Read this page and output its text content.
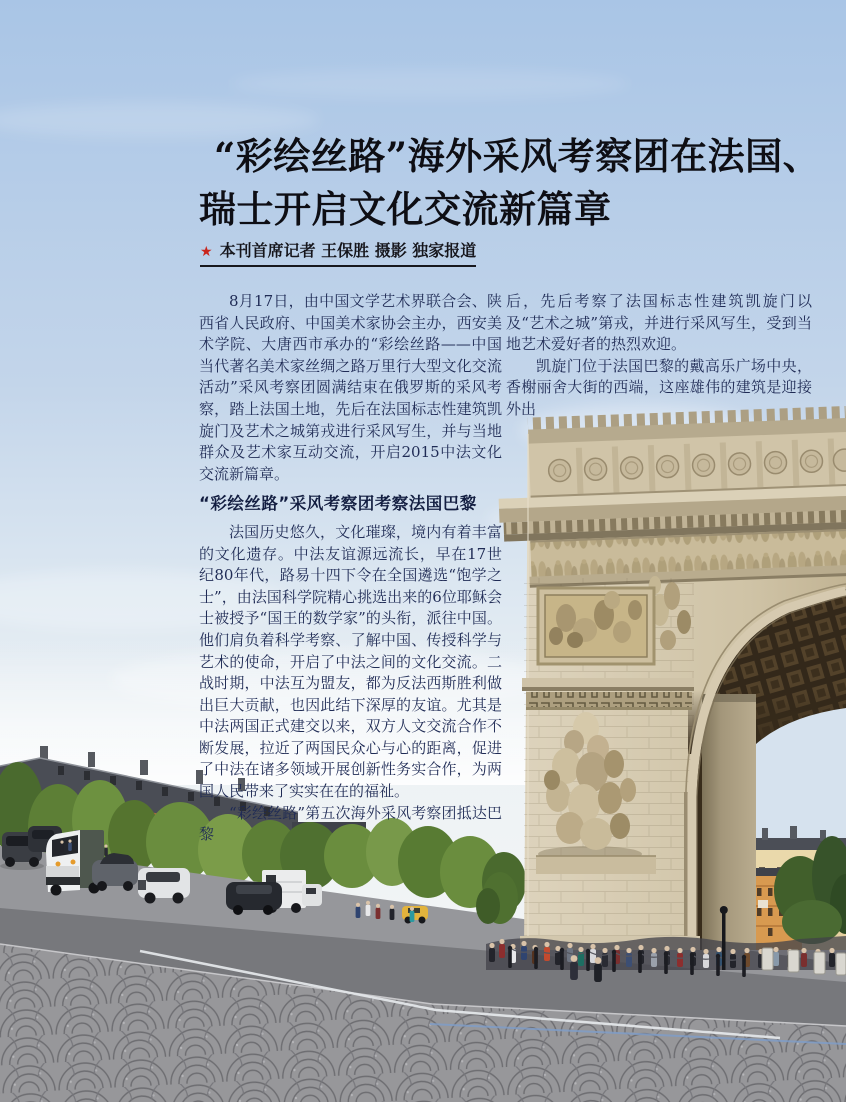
“彩绘丝路”海外采风考察团在法国、
瑞士开启文化交流新篇章
★ 本刊首席记者 王保胜 摄影 独家报道

8月17日，由中国文学艺术界联合会、陕西省人民政府、中国美术家协会主办，西安美术学院、大唐西市承办的“彩绘丝路——中国当代著名美术家丝绸之路万里行大型文化交流活动”采风考察团圆满结束在俄罗斯的采风考察，踏上法国土地，先后在法国标志性建筑凯旋门及艺术之城第戎进行采风写生，并与当地群众及艺术家互动交流，开启2015中法文化交流新篇章。

“彩绘丝路”采风考察团考察法国巴黎

法国历史悠久，文化璀璨，境内有着丰富的文化遗存。中法友谊源远流长，早在17世纪80年代，路易十四下令在全国遴选“饱学之士”，由法国科学院精心挑选出来的6位耶稣会士被授予“国王的数学家”的头衔，派往中国。他们肩负着科学考察、了解中国、传授科学与艺术的使命，开启了中法之间的文化交流。二战时期，中法互为盟友，都为反法西斯胜利做出巨大贡献，也因此结下深厚的友谊。尤其是中法两国正式建交以来，双方人文交流合作不断发展，拉近了两国民众心与心的距离，促进了中法在诸多领域开展创新性务实合作，为两国人民带来了实实在在的福祉。

“彩绘丝路”第五次海外采风考察团抵达巴黎

后，先后考察了法国标志性建筑凯旋门以及“艺术之城”第戎，并进行采风写生，受到当地艺术爱好者的热烈欢迎。

凯旋门位于法国巴黎的戴高乐广场中央，香榭丽舍大街的西端，这座雄伟的建筑是迎接外出
